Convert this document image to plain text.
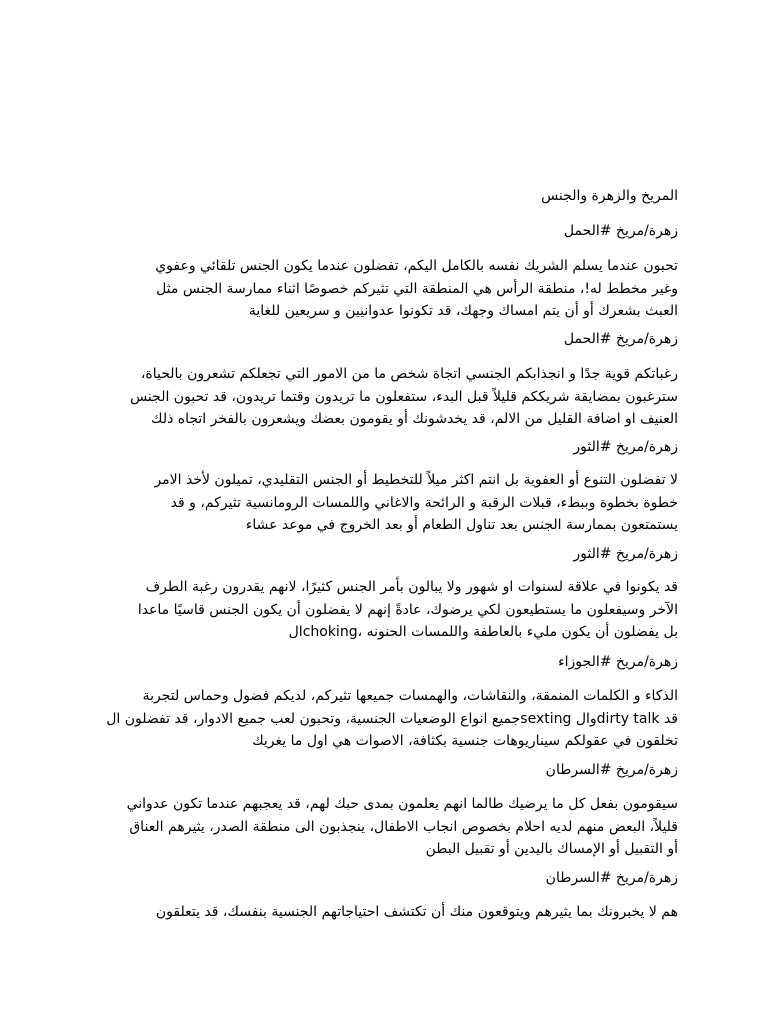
المريخ والزهرة والجنس
زهرة/مريخ #الحمل
تحبون عندما يسلم الشريك نفسه بالكامل اليكم، تفضلون عندما يكون الجنس تلقائي وعفوي
وغير مخطط له!، منطقة الرأس هي المنطقة التي تثيركم خصوصًا اثناء ممارسة الجنس مثل
العبث بشعرك أو أن يتم امساك وجهك، قد تكونوا عدوانيين و سريعين للغاية
زهرة/مريخ #الحمل
رغباتكم قوية جدًا و انجذابكم الجنسي اتجاة شخص ما من الامور التي تجعلكم تشعرون بالحياة،
سترغبون بمضايقة شريككم قليلاً قبل البدء، ستفعلون ما تريدون وقتما تريدون، قد تحبون الجنس
العنيف او اضافة القليل من الالم، قد يخدشونك أو يقومون بعضك ويشعرون بالفخر اتجاه ذلك
زهرة/مريخ #الثور
لا تفضلون التنوع أو العفوية بل انتم اكثر ميلاً للتخطيط أو الجنس التقليدي، تميلون لأخذ الامر
خطوة بخطوة وببطء، قبلات الرقبة و الرائحة والاغاني واللمسات الرومانسية تثيركم، و قد
يستمتعون بممارسة الجنس بعد تناول الطعام أو بعد الخروج في موعد عشاء
زهرة/مريخ #الثور
قد يكونوا في علاقة لسنوات او شهور ولا يبالون بأمر الجنس كثيرًا، لانهم يقدرون رغبة الطرف
الآخر وسيفعلون ما يستطيعون لكي يرضوك، عادةً إنهم لا يفضلون أن يكون الجنس قاسيًا ماعدا
بل يفضلون أن يكون مليء بالعاطفة واللمسات الحنونه ،choking‏ال
زهرة/مريخ #الجوزاء
الذكاء و الكلمات المنمقة، والنقاشات، والهمسات جميعها تثيركم، لديكم فضول وحماس لتجربة
قد dirty talk‏وال sexting‏جميع انواع الوضعيات الجنسية، وتحبون لعب جميع الادوار، قد تفضلون ال
تخلقون في عقولكم سيناريوهات جنسية بكثافة، الاصوات هي اول ما يغريك
زهرة/مريخ #السرطان
سيقومون بفعل كل ما يرضيك طالما انهم يعلمون بمدى حبك لهم، قد يعجبهم عندما تكون عدواني
قليلاً، البعض منهم لديه احلام بخصوص انجاب الاطفال، ينجذبون الى منطقة الصدر، يثيرهم العناق
أو التقبيل أو الإمساك باليدين أو تقبيل البطن
زهرة/مريخ #السرطان
هم لا يخبرونك بما يثيرهم ويتوقعون منك أن تكتشف احتياجاتهم الجنسية بنفسك، قد يتعلقون
